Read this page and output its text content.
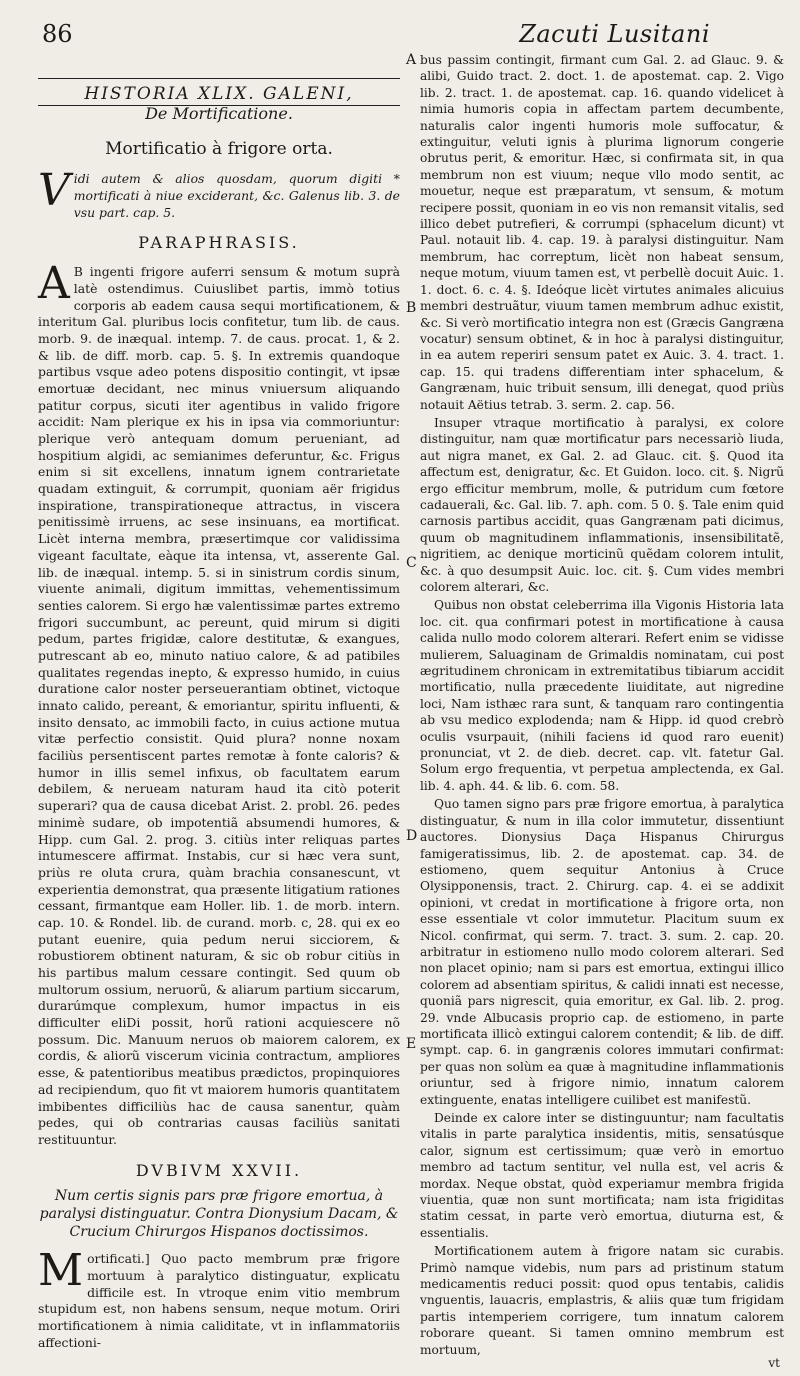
86	Zacuti Lusitani
A
B
C
D
E
HISTORIA XLIX. GALENI,
De Mortificatione.
Mortificatio à frigore orta.

Vidi autem & alios quosdam, quorum digiti * mortificati à niue exciderant, &c. Galenus lib. 3. de vsu part. cap. 5.

PARAPHRASIS.

A B ingenti frigore auferri sensum & motum suprà latè ostendimus. Cuiuslibet partis, immò totius corporis ab eadem causa sequi mortificationem, & interitum Gal. pluribus locis confitetur, tum lib. de caus. morb. 9. de inæqual. intemp. 7. de caus. procat. 1, & 2. & lib. de diff. morb. cap. 5. §. In extremis quandoque partibus vsque adeo potens dispositio contingit, vt ipsæ emortuæ decidant, nec minus vniuersum aliquando patitur corpus, sicuti iter agentibus in valido frigore accidit: Nam plerique ex his in ipsa via commoriuntur: plerique verò antequam domum perueniant, ad hospitium algidi, ac semianimes deferuntur, &c. Frigus enim si sit excellens, innatum ignem contrarietate quadam extinguit, & corrumpit, quoniam aër frigidus inspiratione, transpirationeque attractus, in viscera penitissimè irruens, ac sese insinuans, ea mortificat. Licèt interna membra, præsertimque cor validissima vigeant facultate, eàque ita intensa, vt, asserente Gal. lib. de inæqual. intemp. 5. si in sinistrum cordis sinum, viuente animali, digitum immittas, vehementissimum senties calorem. Si ergo hæ valentissimæ partes extremo frigori succumbunt, ac pereunt, quid mirum si digiti pedum, partes frigidæ, calore destitutæ, & exangues, putrescant ab eo, minuto natiuo calore, & ad patibiles qualitates regendas inepto, & expresso humido, in cuius duratione calor noster perseuerantiam obtinet, victoque innato calido, pereant, & emoriantur, spiritu influenti, & insito densato, ac immobili facto, in cuius actione mutua vitæ perfectio consistit. Quid plura? nonne noxam faciliùs persentiscent partes remotæ à fonte caloris? & humor in illis semel infixus, ob facultatem earum debilem, & nerueam naturam haud ita citò poterit superari? qua de causa dicebat Arist. 2. probl. 26. pedes minimè sudare, ob impotentiã absumendi humores, & Hipp. cum Gal. 2. prog. 3. citiùs inter reliquas partes intumescere affirmat. Instabis, cur si hæc vera sunt, priùs re oluta crura, quàm brachia consanescunt, vt experientia demonstrat, qua præsente litigatium rationes cessant, firmantque eam Holler. lib. 1. de morb. intern. cap. 10. & Rondel. lib. de curand. morb. c, 28. qui ex eo putant euenire, quia pedum nerui sicciorem, & robustiorem obtinent naturam, & sic ob robur citiùs in his partibus malum cessare contingit. Sed quum ob multorum ossium, neruorũ, & aliarum partium siccarum, durarúmque complexum, humor impactus in eis difficulter eliDi possit, horũ rationi acquiescere nõ possum. Dic. Manuum neruos ob maiorem calorem, ex cordis, & aliorũ viscerum vicinia contractum, ampliores esse, & patentioribus meatibus prædictos, propinquiores ad recipiendum, quo fit vt maiorem humoris quantitatem imbibentes difficiliùs hac de causa sanentur, quàm pedes, qui ob contrarias causas faciliùs sanitati restituuntur.

DVBIVM XXVII.
Num certis signis pars præ frigore emortua, à paralysi distinguatur. Contra Dionysium Dacam, & Crucium Chirurgos Hispanos doctissimos.

Mortificati.] Quo pacto membrum præ frigore mortuum à paralytico distinguatur, explicatu difficile est. In vtroque enim vitio membrum stupidum est, non habens sensum, neque motum. Oriri mortificationem à nimia caliditate, vt in inflammatoriis affectioni-

bus passim contingit, firmant cum Gal. 2. ad Glauc. 9. & alibi, Guido tract. 2. doct. 1. de apostemat. cap. 2. Vigo lib. 2. tract. 1. de apostemat. cap. 16. quando videlicet à nimia humoris copia in affectam partem decumbente, naturalis calor ingenti humoris mole suffocatur, & extinguitur, veluti ignis à plurima lignorum congerie obrutus perit, & emoritur. Hæc, si confirmata sit, in qua membrum non est viuum; neque vllo modo sentit, ac mouetur, neque est præparatum, vt sensum, & motum recipere possit, quoniam in eo vis non remansit vitalis, sed illico debet putrefieri, & corrumpi (sphacelum dicunt) vt Paul. notauit lib. 4. cap. 19. à paralysi distinguitur. Nam membrum, hac correptum, licèt non habeat sensum, neque motum, viuum tamen est, vt perbellè docuit Auic. 1. 1. doct. 6. c. 4. §. Ideóque licèt virtutes animales alicuius membri destruãtur, viuum tamen membrum adhuc existit, &c. Si verò mortificatio integra non est (Græcis Gangræna vocatur) sensum obtinet, & in hoc à paralysi distinguitur, in ea autem reperiri sensum patet ex Auic. 3. 4. tract. 1. cap. 15. qui tradens differentiam inter sphacelum, & Gangrænam, huic tribuit sensum, illi denegat, quod priùs notauit Aëtius tetrab. 3. serm. 2. cap. 56.

Insuper vtraque mortificatio à paralysi, ex colore distinguitur, nam quæ mortificatur pars necessariò liuda, aut nigra manet, ex Gal. 2. ad Glauc. cit. §. Quod ita affectum est, denigratur, &c. Et Guidon. loco. cit. §. Nigrũ ergo efficitur membrum, molle, & putridum cum fœtore cadauerali, &c. Gal. lib. 7. aph. com. 5 0. §. Tale enim quid carnosis partibus accidit, quas Gangrænam pati dicimus, quum ob magnitudinem inflammationis, insensibilitatẽ, nigritiem, ac denique morticinũ quẽdam colorem intulit, &c. à quo desumpsit Auic. loc. cit. §. Cum vides membri colorem alterari, &c.

Quibus non obstat celeberrima illa Vigonis Historia lata loc. cit. qua confirmari potest in mortificatione à causa calida nullo modo colorem alterari. Refert enim se vidisse mulierem, Saluaginam de Grimaldis nominatam, cui post ægritudinem chronicam in extremitatibus tibiarum accidit mortificatio, nulla præcedente liuiditate, aut nigredine loci, Nam isthæc rara sunt, & tanquam raro contingentia ab vsu medico explodenda; nam & Hipp. id quod crebrò oculis vsurpauit, (nihili faciens id quod raro euenit) pronunciat, vt 2. de dieb. decret. cap. vlt. fatetur Gal. Solum ergo frequentia, vt perpetua amplectenda, ex Gal. lib. 4. aph. 44. & lib. 6. com. 58.

Quo tamen signo pars præ frigore emortua, à paralytica distinguatur, & num in illa color immutetur, dissentiunt auctores. Dionysius Daça Hispanus Chirurgus famigeratissimus, lib. 2. de apostemat. cap. 34. de estiomeno, quem sequitur Antonius à Cruce Olysipponensis, tract. 2. Chirurg. cap. 4. ei se addixit opinioni, vt credat in mortificatione à frigore orta, non esse essentiale vt color immutetur. Placitum suum ex Nicol. confirmat, qui serm. 7. tract. 3. sum. 2. cap. 20. arbitratur in estiomeno nullo modo colorem alterari. Sed non placet opinio; nam si pars est emortua, extingui illico colorem ad absentiam spiritus, & calidi innati est necesse, quoniã pars nigrescit, quia emoritur, ex Gal. lib. 2. prog. 29. vnde Albucasis proprio cap. de estiomeno, in parte mortificata illicò extingui calorem contendit; & lib. de diff. sympt. cap. 6. in gangrænis colores immutari confirmat: per quas non solùm ea quæ à magnitudine inflammationis oriuntur, sed à frigore nimio, innatum calorem extinguente, enatas intelligere cuilibet est manifestũ.

Deinde ex calore inter se distinguuntur; nam facultatis vitalis in parte paralytica insidentis, mitis, sensatúsque calor, signum est certissimum; quæ verò in emortuo membro ad tactum sentitur, vel nulla est, vel acris & mordax. Neque obstat, quòd experiamur membra frigida viuentia, quæ non sunt mortificata; nam ista frigiditas statim cessat, in parte verò emortua, diuturna est, & essentialis.

Mortificationem autem à frigore natam sic curabis. Primò namque videbis, num pars ad pristinum statum medicamentis reduci possit: quod opus tentabis, calidis vnguentis, lauacris, emplastris, & aliis quæ tum frigidam partis intemperiem corrigere, tum innatum calorem roborare queant. Si tamen omnino membrum est mortuum,

vt
